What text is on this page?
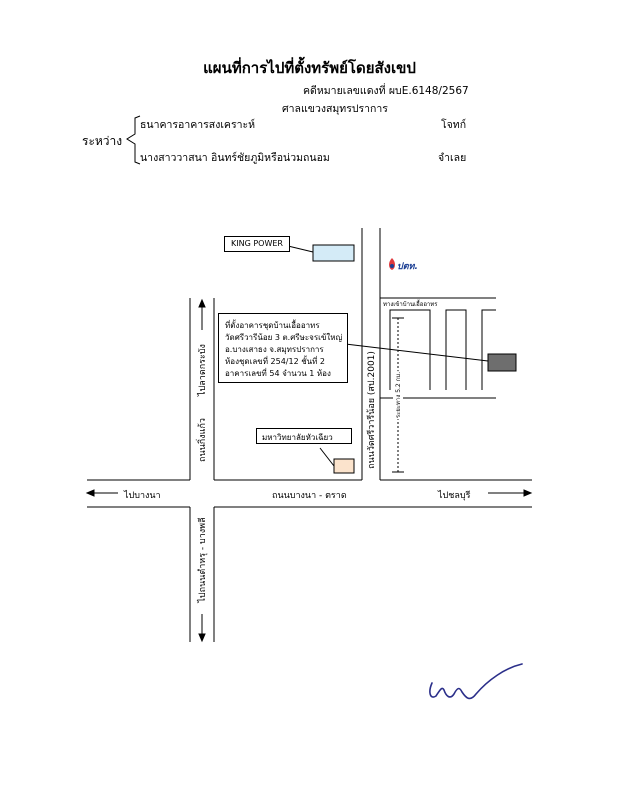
แผนที่การไปที่ตั้งทรัพย์โดยสังเขป
คดีหมายเลขแดงที่ ผบE.6148/2567
ศาลแขวงสมุทรปราการ
ระหว่าง
ธนาคารอาคารสงเคราะห์	โจทก์
นางสาววาสนา อินทร์ชัยภูมิหรือน่วมถนอม	จำเลย
KING POWER
ปตท.
มหาวิทยาลัยหัวเฉียว
ที่ตั้งอาคารชุดบ้านเอื้ออาทร
วัดศรีวารีน้อย 3 ต.ศรีษะจรเข้ใหญ่
อ.บางเสาธง จ.สมุทรปราการ
ห้องชุดเลขที่ 254/12 ชั้นที่ 2
อาคารเลขที่ 54 จำนวน 1 ห้อง
ถนนบางนา - ตราด
ไปบางนา	ไปชลบุรี
ทางเข้าบ้านเอื้ออาทร
ไปลาดกระบัง
ถนนกิ่งแก้ว
ไปถนนตำหรุ - บางพลี
ถนนวัดศรีวารีน้อย (สป.2001)	ระยะทาง 5.2 กม.
